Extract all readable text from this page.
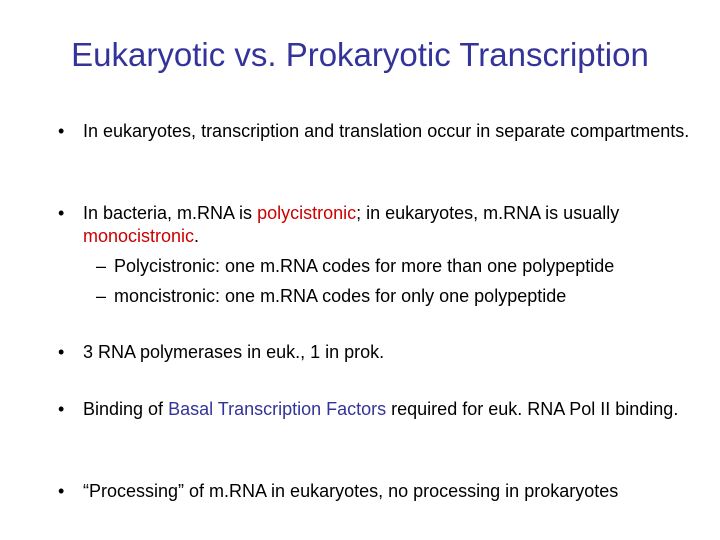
Eukaryotic vs. Prokaryotic Transcription
•	In eukaryotes, transcription and translation occur in separate compartments.
•	In bacteria, m.RNA is polycistronic; in eukaryotes, m.RNA is usually monocistronic.
– Polycistronic: one m.RNA codes for more than one polypeptide
– moncistronic: one m.RNA codes for only one polypeptide
•	3 RNA polymerases in euk., 1 in prok.
•	Binding of Basal Transcription Factors required for euk. RNA Pol II binding.
•	“Processing” of m.RNA in eukaryotes, no processing in prokaryotes
